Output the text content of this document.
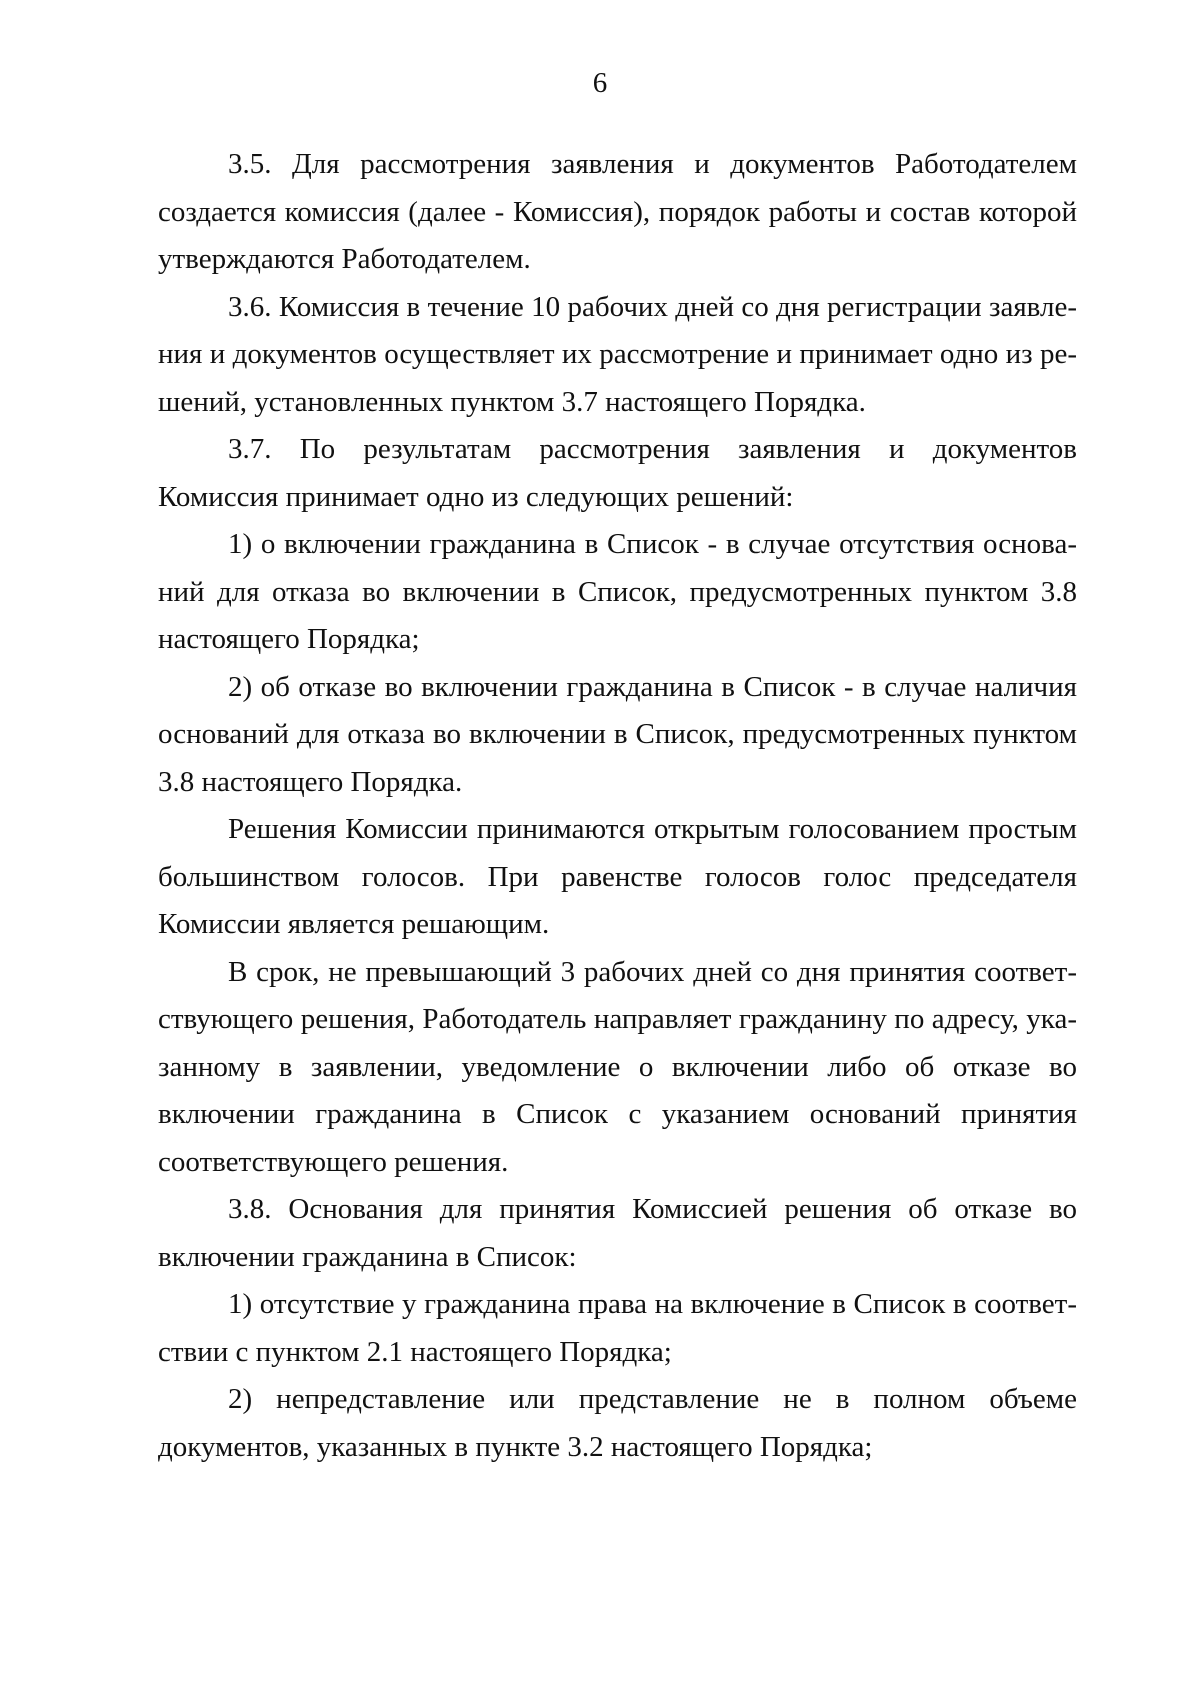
6

3.5. Для рассмотрения заявления и документов Работодателем создается комиссия (далее - Комиссия), порядок работы и состав которой утверждаются Работодателем.

3.6. Комиссия в течение 10 рабочих дней со дня регистрации заявления и документов осуществляет их рассмотрение и принимает одно из решений, установленных пунктом 3.7 настоящего Порядка.

3.7. По результатам рассмотрения заявления и документов Комиссия принимает одно из следующих решений:

1) о включении гражданина в Список - в случае отсутствия оснований для отказа во включении в Список, предусмотренных пунктом 3.8 настоящего Порядка;

2) об отказе во включении гражданина в Список - в случае наличия оснований для отказа во включении в Список, предусмотренных пунктом 3.8 настоящего Порядка.

Решения Комиссии принимаются открытым голосованием простым большинством голосов. При равенстве голосов голос председателя Комиссии является решающим.

В срок, не превышающий 3 рабочих дней со дня принятия соответствующего решения, Работодатель направляет гражданину по адресу, указанному в заявлении, уведомление о включении либо об отказе во включении гражданина в Список с указанием оснований принятия соответствующего решения.

3.8. Основания для принятия Комиссией решения об отказе во включении гражданина в Список:

1) отсутствие у гражданина права на включение в Список в соответствии с пунктом 2.1 настоящего Порядка;

2) непредставление или представление не в полном объеме документов, указанных в пункте 3.2 настоящего Порядка;
